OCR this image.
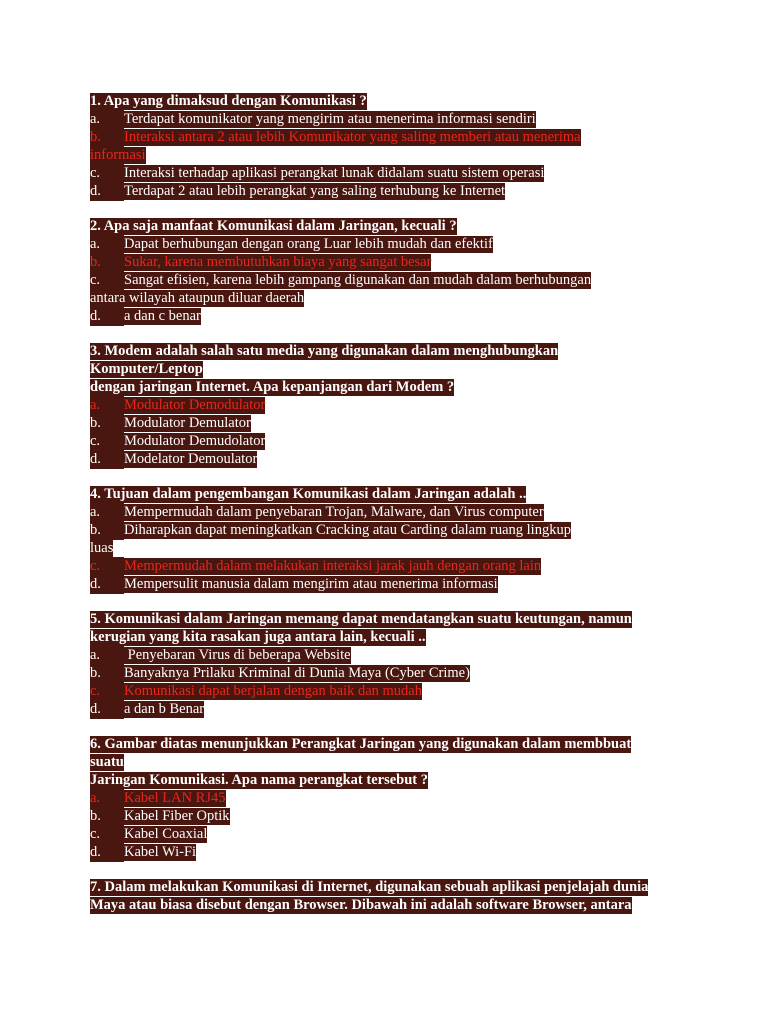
1. Apa yang dimaksud dengan Komunikasi ?
a. Terdapat komunikator yang mengirim atau menerima informasi sendiri
b. Interaksi antara 2 atau lebih Komunikator yang saling memberi atau menerima
informasi
c. Interaksi terhadap aplikasi perangkat lunak didalam suatu sistem operasi
d. Terdapat 2 atau lebih perangkat yang saling terhubung ke Internet
2. Apa saja manfaat Komunikasi dalam Jaringan, kecuali ?
a. Dapat berhubungan dengan orang Luar lebih mudah dan efektif
b. Sukar, karena membutuhkan biaya yang sangat besar
c. Sangat efisien, karena lebih gampang digunakan dan mudah dalam berhubungan
antara wilayah ataupun diluar daerah
d. a dan c benar
3. Modem adalah salah satu media yang digunakan dalam menghubungkan
Komputer/Leptop
dengan jaringan Internet. Apa kepanjangan dari Modem ?
a. Modulator Demodulator
b. Modulator Demulator
c. Modulator Demudolator
d. Modelator Demoulator
4. Tujuan dalam pengembangan Komunikasi dalam Jaringan adalah ..
a. Mempermudah dalam penyebaran Trojan, Malware, dan Virus computer
b. Diharapkan dapat meningkatkan Cracking atau Carding dalam ruang lingkup
luas
c. Mempermudah dalam melakukan interaksi jarak jauh dengan orang lain
d. Mempersulit manusia dalam mengirim atau menerima informasi
5. Komunikasi dalam Jaringan memang dapat mendatangkan suatu keutungan, namun
kerugian yang kita rasakan juga antara lain, kecuali ..
a. Penyebaran Virus di beberapa Website
b. Banyaknya Prilaku Kriminal di Dunia Maya (Cyber Crime)
c. Komunikasi dapat berjalan dengan baik dan mudah
d. a dan b Benar
6. Gambar diatas menunjukkan Perangkat Jaringan yang digunakan dalam membbuat
suatu
Jaringan Komunikasi. Apa nama perangkat tersebut ?
a. Kabel LAN RJ45
b. Kabel Fiber Optik
c. Kabel Coaxial
d. Kabel Wi-Fi
7. Dalam melakukan Komunikasi di Internet, digunakan sebuah aplikasi penjelajah dunia
Maya atau biasa disebut dengan Browser. Dibawah ini adalah software Browser, antara
